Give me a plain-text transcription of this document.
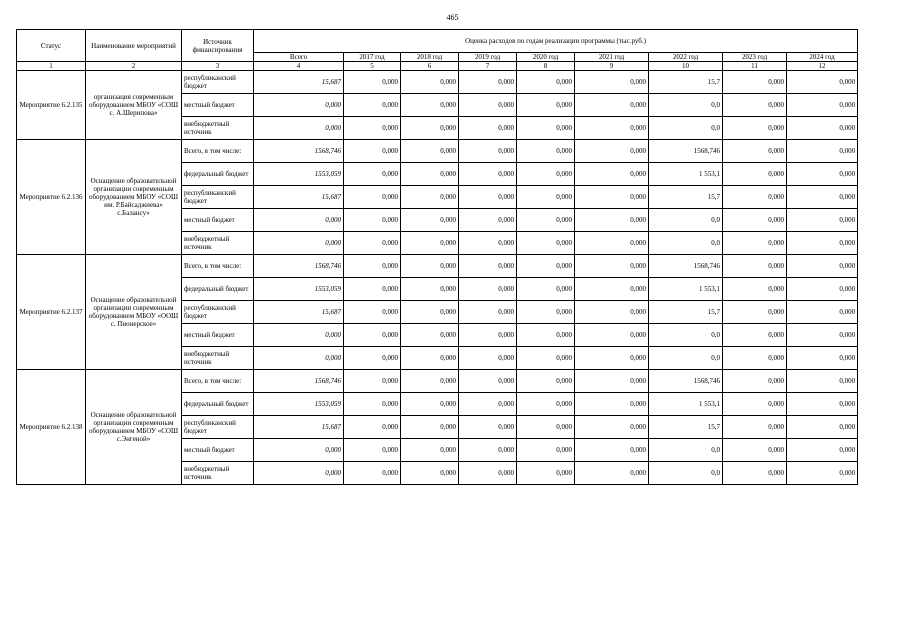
465
Статус	Наименование мероприятий	Источник финансирования	Оценка расходов по годам реализации программы (тыс.руб.)								
			Всего	2017 год	2018 год	2019 год	2020 год	2021 год	2022 год	2023 год	2024 год
1	2	3	4	5	6	7	8	9	10	11	12
Мероприятие 6.2.135	организация современным оборудованием МБОУ «СОШ с. А.Шерипова»	республиканский бюджет	15,687	0,000	0,000	0,000	0,000	0,000	15,7	0,000	0,000
		местный бюджет	0,000	0,000	0,000	0,000	0,000	0,000	0,0	0,000	0,000
		внебюджетный источник	0,000	0,000	0,000	0,000	0,000	0,000	0,0	0,000	0,000
Мероприятие 6.2.136	Оснащение образовательной организации современным оборудованием МБОУ «СОШ им. Р.Байсаджиева» с.Балансу»	Всего, в том числе:	1568,746	0,000	0,000	0,000	0,000	0,000	1568,746	0,000	0,000
		федеральный бюджет	1553,059	0,000	0,000	0,000	0,000	0,000	1 553,1	0,000	0,000
		республиканский бюджет	15,687	0,000	0,000	0,000	0,000	0,000	15,7	0,000	0,000
		местный бюджет	0,000	0,000	0,000	0,000	0,000	0,000	0,0	0,000	0,000
		внебюджетный источник	0,000	0,000	0,000	0,000	0,000	0,000	0,0	0,000	0,000
Мероприятие 6.2.137	Оснащение образовательной организации современным оборудованием МБОУ «ООШ с. Пионерское»	Всего, в том числе:	1568,746	0,000	0,000	0,000	0,000	0,000	1568,746	0,000	0,000
		федеральный бюджет	1553,059	0,000	0,000	0,000	0,000	0,000	1 553,1	0,000	0,000
		республиканский бюджет	15,687	0,000	0,000	0,000	0,000	0,000	15,7	0,000	0,000
		местный бюджет	0,000	0,000	0,000	0,000	0,000	0,000	0,0	0,000	0,000
		внебюджетный источник	0,000	0,000	0,000	0,000	0,000	0,000	0,0	0,000	0,000
Мероприятие 6.2.138	Оснащение образовательной организации современным оборудованием МБОУ «СОШ с.Энгеной»	Всего, в том числе:	1568,746	0,000	0,000	0,000	0,000	0,000	1568,746	0,000	0,000
		федеральный бюджет	1553,059	0,000	0,000	0,000	0,000	0,000	1 553,1	0,000	0,000
		республиканский бюджет	15,687	0,000	0,000	0,000	0,000	0,000	15,7	0,000	0,000
		местный бюджет	0,000	0,000	0,000	0,000	0,000	0,000	0,0	0,000	0,000
		внебюджетный источник	0,000	0,000	0,000	0,000	0,000	0,000	0,0	0,000	0,000
